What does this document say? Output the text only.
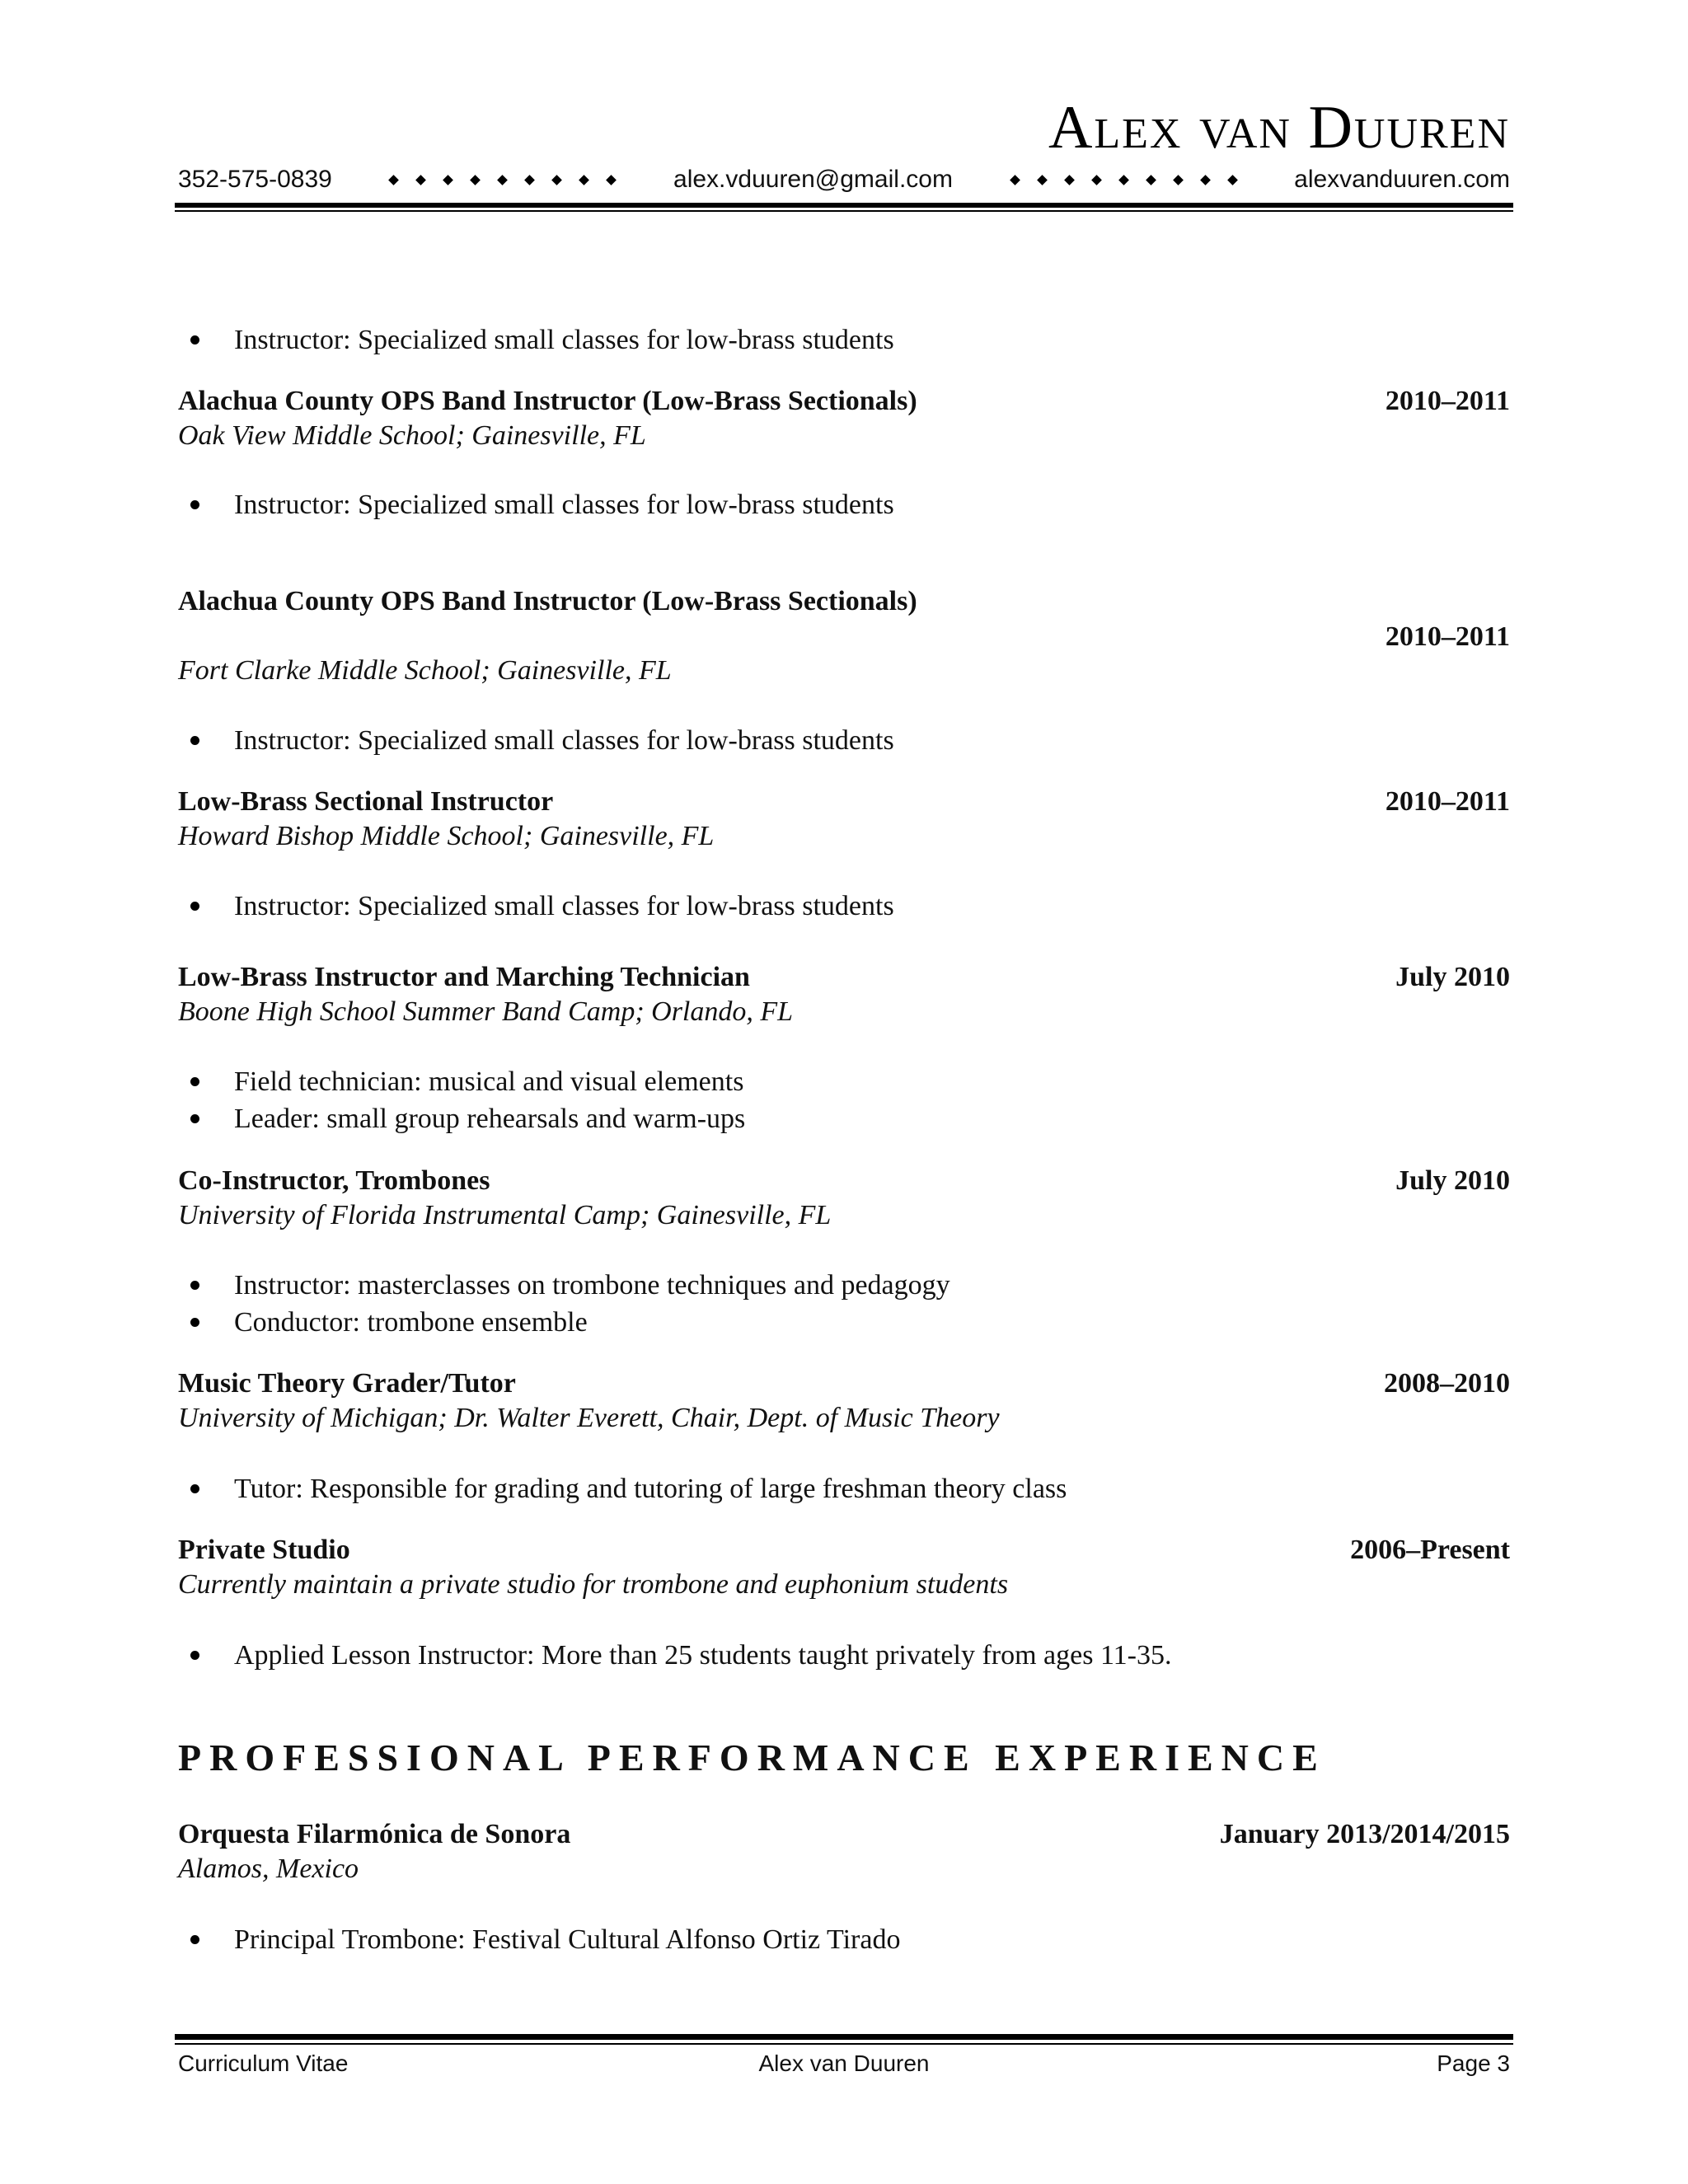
Alex van Duuren
352-575-0839	alex.vduuren@gmail.com	alexvanduuren.com
Instructor: Specialized small classes for low-brass students
Alachua County OPS Band Instructor (Low-Brass Sectionals)	2010–2011
Oak View Middle School; Gainesville, FL
Instructor: Specialized small classes for low-brass students
Alachua County OPS Band Instructor (Low-Brass Sectionals)
2010–2011
Fort Clarke Middle School; Gainesville, FL
Instructor: Specialized small classes for low-brass students
Low-Brass Sectional Instructor	2010–2011
Howard Bishop Middle School; Gainesville, FL
Instructor: Specialized small classes for low-brass students
Low-Brass Instructor and Marching Technician	July 2010
Boone High School Summer Band Camp; Orlando, FL
Field technician: musical and visual elements
Leader: small group rehearsals and warm-ups
Co-Instructor, Trombones	July 2010
University of Florida Instrumental Camp; Gainesville, FL
Instructor: masterclasses on trombone techniques and pedagogy
Conductor: trombone ensemble
Music Theory Grader/Tutor	2008–2010
University of Michigan; Dr. Walter Everett, Chair, Dept. of Music Theory
Tutor: Responsible for grading and tutoring of large freshman theory class
Private Studio	2006–Present
Currently maintain a private studio for trombone and euphonium students
Applied Lesson Instructor: More than 25 students taught privately from ages 11-35.
PROFESSIONAL PERFORMANCE EXPERIENCE
Orquesta Filarmónica de Sonora	January 2013/2014/2015
Alamos, Mexico
Principal Trombone: Festival Cultural Alfonso Ortiz Tirado
Curriculum Vitae	Alex van Duuren	Page 3
